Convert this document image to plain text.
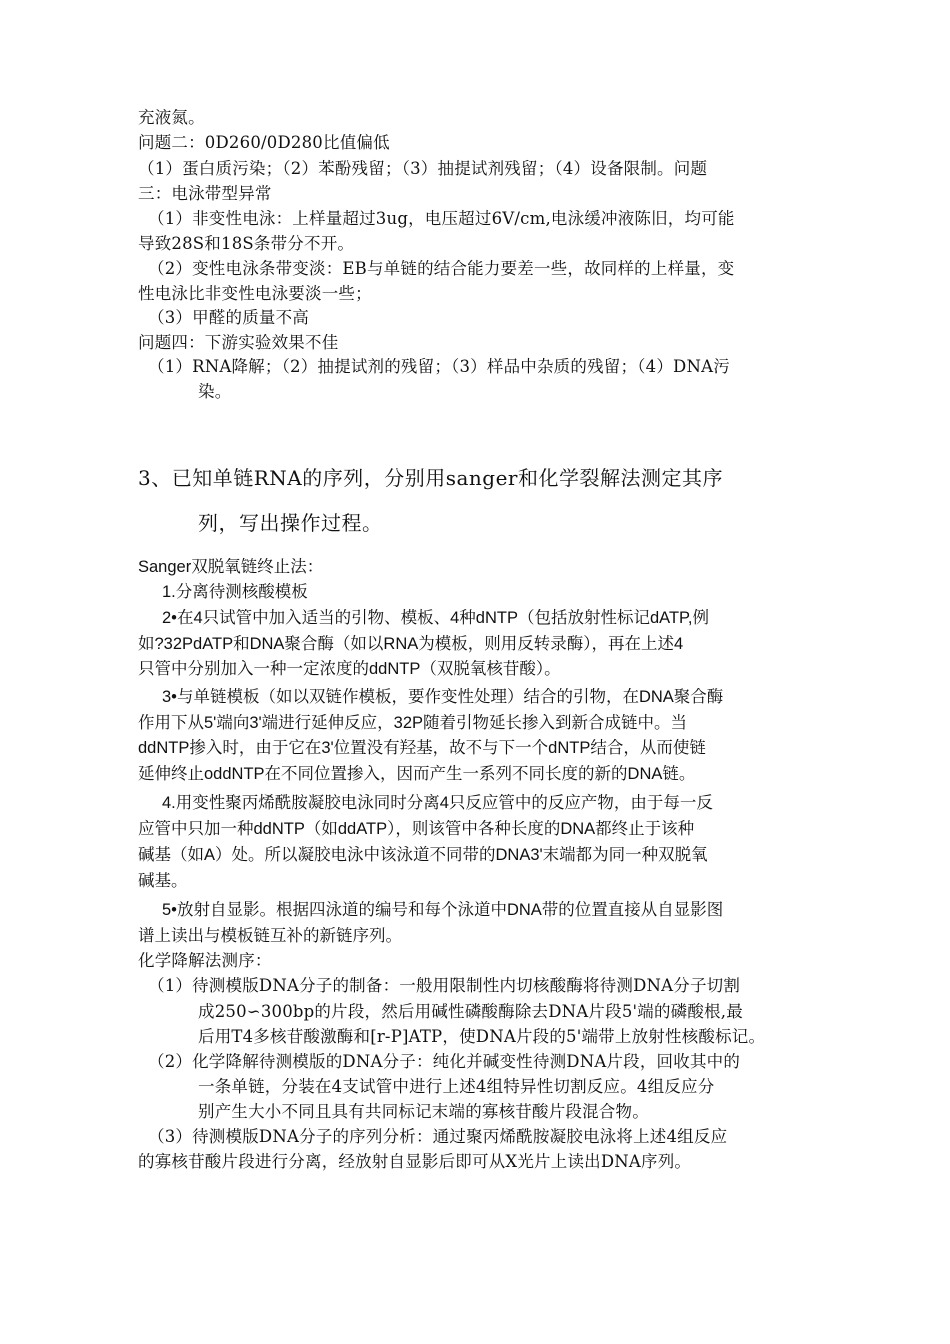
充液氮。
问题二：0D260/0D280比值偏低
（1）蛋白质污染；（2）苯酚残留；（3）抽提试剂残留；（4）设备限制。问题
三：电泳带型异常
（1）非变性电泳：上样量超过3ug，电压超过6V/cm,电泳缓冲液陈旧，均可能
导致28S和18S条带分不开。
（2）变性电泳条带变淡：EB与单链的结合能力要差一些，故同样的上样量，变
性电泳比非变性电泳要淡一些；
（3）甲醛的质量不高
问题四：下游实验效果不佳
（1）RNA降解；（2）抽提试剂的残留；（3）样品中杂质的残留；（4）DNA污
染。
3、已知单链RNA的序列，分别用sanger和化学裂解法测定其序
列，写出操作过程。
Sanger双脱氧链终止法：
1.分离待测核酸模板
2•在4只试管中加入适当的引物、模板、4种dNTP（包括放射性标记dATP,例
如?32PdATP和DNA聚合酶（如以RNA为模板，则用反转录酶），再在上述4
只管中分别加入一种一定浓度的ddNTP（双脱氧核苷酸）。
3•与单链模板（如以双链作模板，要作变性处理）结合的引物，在DNA聚合酶
作用下从5'端向3'端进行延伸反应，32P随着引物延长掺入到新合成链中。当
ddNTP掺入时，由于它在3'位置没有羟基，故不与下一个dNTP结合，从而使链
延伸终止oddNTP在不同位置掺入，因而产生一系列不同长度的新的DNA链。
4.用变性聚丙烯酰胺凝胶电泳同时分离4只反应管中的反应产物，由于每一反
应管中只加一种ddNTP（如ddATP），则该管中各种长度的DNA都终止于该种
碱基（如A）处。所以凝胶电泳中该泳道不同带的DNA3'末端都为同一种双脱氧
碱基。
5•放射自显影。根据四泳道的编号和每个泳道中DNA带的位置直接从自显影图
谱上读出与模板链互补的新链序列。
化学降解法测序：
（1）待测模版DNA分子的制备：一般用限制性内切核酸酶将待测DNA分子切割
成250∽300bp的片段，然后用碱性磷酸酶除去DNA片段5'端的磷酸根,最
后用T4多核苷酸激酶和[r-P]ATP，使DNA片段的5'端带上放射性核酸标记。
（2）化学降解待测模版的DNA分子：纯化并碱变性待测DNA片段，回收其中的
一条单链，分装在4支试管中进行上述4组特异性切割反应。4组反应分
别产生大小不同且具有共同标记末端的寡核苷酸片段混合物。
（3）待测模版DNA分子的序列分析：通过聚丙烯酰胺凝胶电泳将上述4组反应
的寡核苷酸片段进行分离，经放射自显影后即可从X光片上读出DNA序列。
